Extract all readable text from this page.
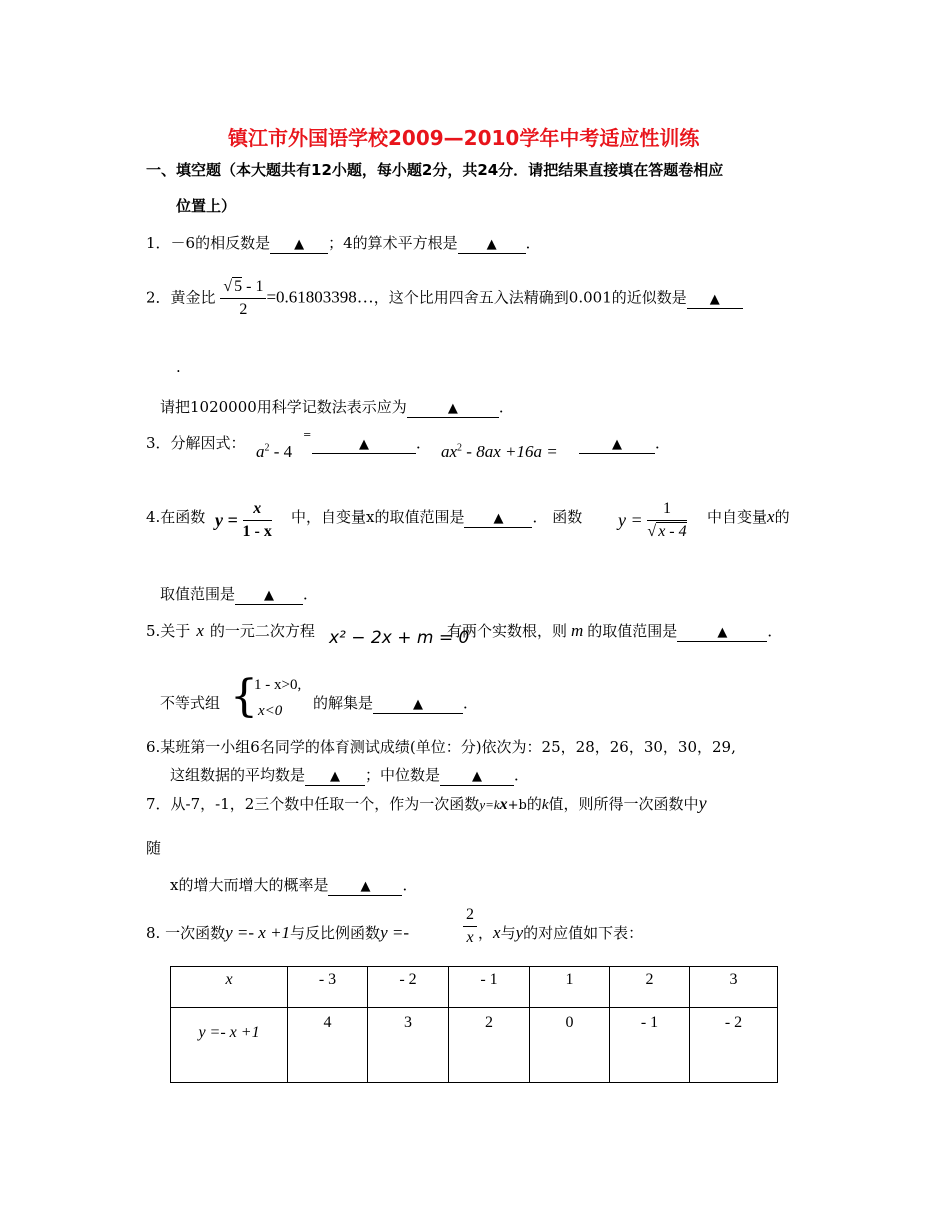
镇江市外国语学校2009—2010学年中考适应性训练
一、填空题（本大题共有12小题，每小题2分，共24分．请把结果直接填在答题卷相应
位置上）
1．－6的相反数是 ▲ ；4的算术平方根是 ▲ ．
2．黄金比 $\frac{√ 5 - 1}{2}$ =0.61803398…，这个比用四舍五入法精确到0.001的近似数是 ▲
.
请把1020000用科学记数法表示应为	▲	．
3．分解因式： $a^2 - 4$
=
▲	． $ax^2 - 8ax +16a$ =	▲ ．
4.在函数 $y = \frac{x}{1 - x}$ 中，自变量x的取值范围是 ▲ ． 函数 $y = \frac{1}{√ x - 4}$ 中自变量x的
取值范围是 ▲ ．
5.关于 x 的一元二次方程 x² − 2x + m = 0
有两个实数根，则 m 的取值范围是	▲	．
不等式组 {
1 - x>0,
x<0 的解集是	▲	．
6.某班第一小组6名同学的体育测试成绩(单位：分)依次为：25，28，26，30，30，29,
这组数据的平均数是 ▲ ；中位数是 ▲ ．
7．从-7，-1，2三个数中任取一个，作为一次函数y=kx+b的k值，则所得一次函数中y
随
x的增大而增大的概率是 ▲ ．
8. 一次函数y =- x +1与反比例函数y =-	$\frac{2}{x}$ ，x与y的对应值如下表：
x	- 3	- 2	- 1	1	2	3
y =- x +1	4	3	2	0	- 1	- 2
